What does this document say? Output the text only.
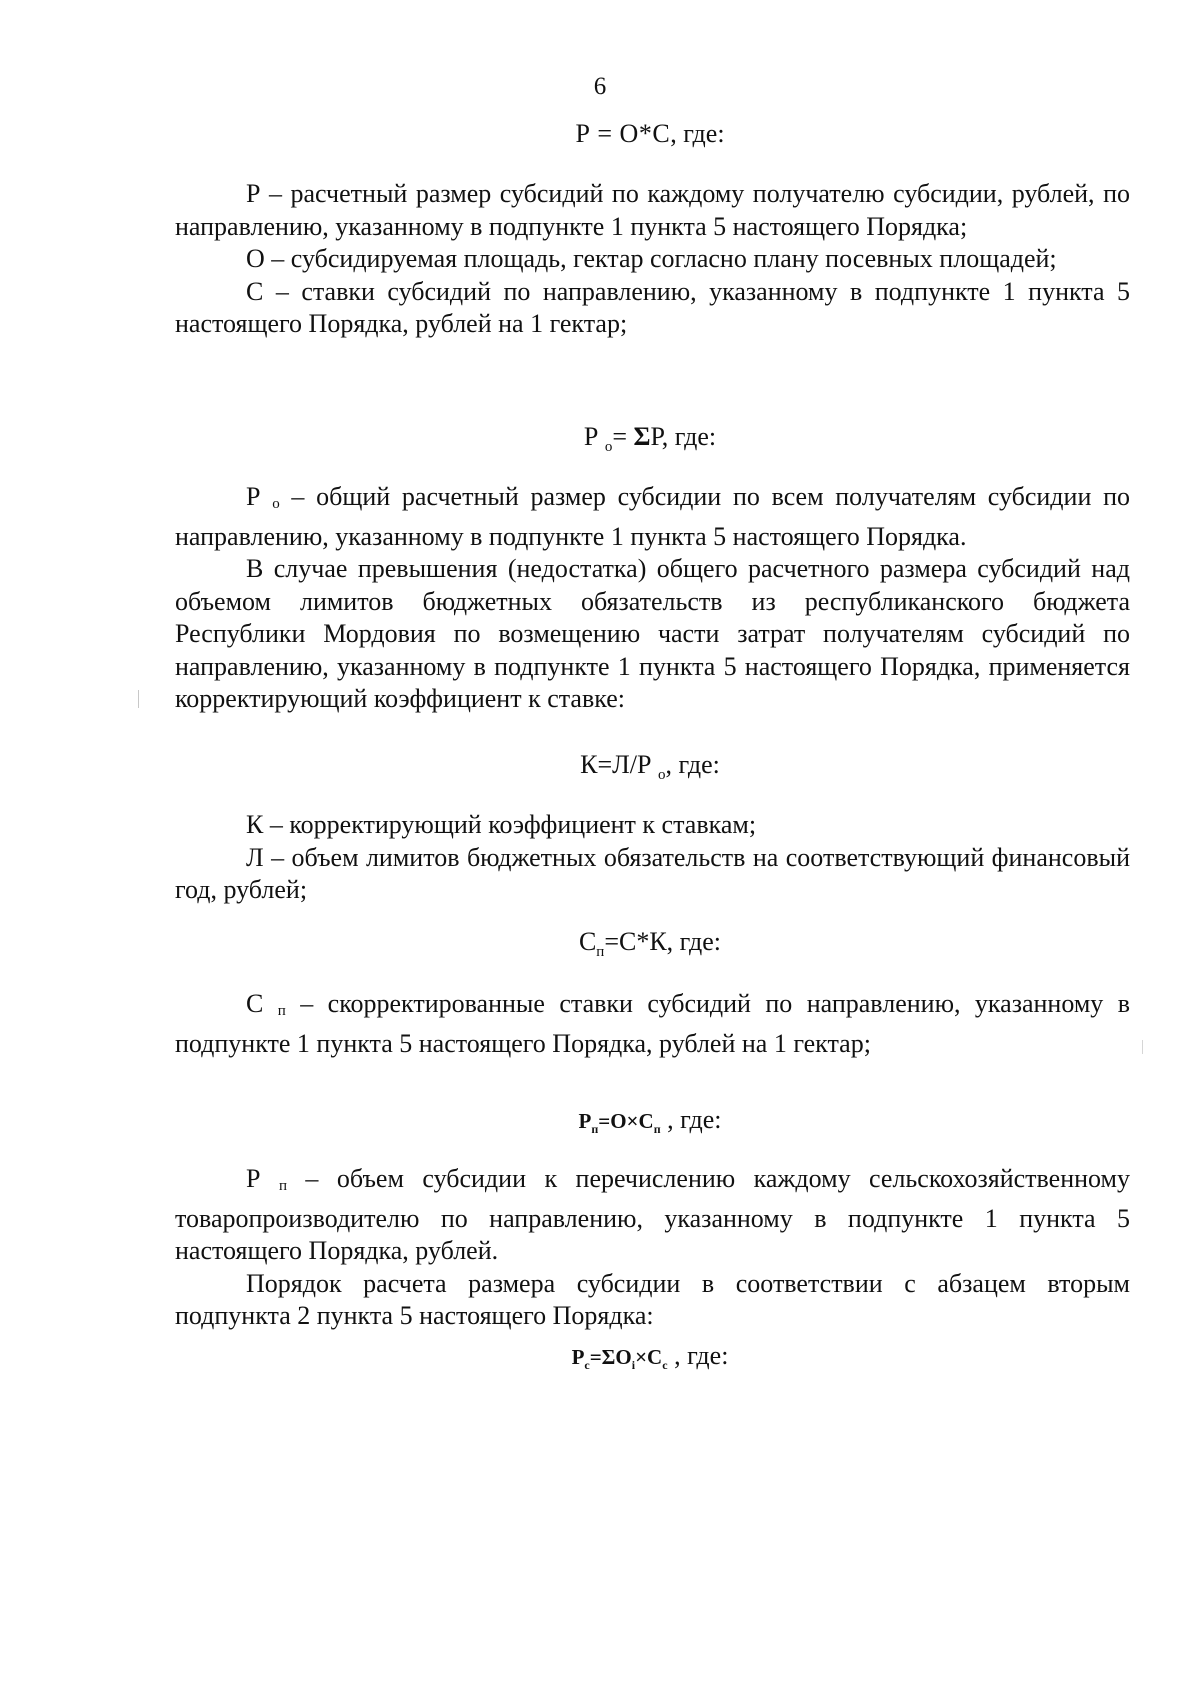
6
Р = О*С, где:

Р – расчетный размер субсидий по каждому получателю субсидии, рублей, по направлению, указанному в подпункте 1 пункта 5 настоящего Порядка;

О – субсидируемая площадь, гектар согласно плану посевных площадей;

С – ставки субсидий по направлению, указанному в подпункте 1 пункта 5 настоящего Порядка, рублей на 1 гектар;

Р $_о$= ΣР, где:

Р $_о$ – общий расчетный размер субсидии по всем получателям субсидии по направлению, указанному в подпункте 1 пункта 5 настоящего Порядка.

В случае превышения (недостатка) общего расчетного размера субсидий над объемом лимитов бюджетных обязательств из республиканского бюджета Республики Мордовия по возмещению части затрат получателям субсидий по направлению, указанному в подпункте 1 пункта 5 настоящего Порядка, применяется корректирующий коэффициент к ставке:

К=Л/Р $_о$, где:

К – корректирующий коэффициент к ставкам;

Л – объем лимитов бюджетных обязательств на соответствующий финансовый год, рублей;

$С_п=С*К$, где:

С $_п$ – скорректированные ставки субсидий по направлению, указанному в подпункте 1 пункта 5 настоящего Порядка, рублей на 1 гектар;

$Р_п=О\times С_п$ , где:

Р $_п$ – объем субсидии к перечислению каждому сельскохозяйственному товаропроизводителю по направлению, указанному в подпункте 1 пункта 5 настоящего Порядка, рублей.

Порядок расчета размера субсидии в соответствии с абзацем вторым подпункта 2 пункта 5 настоящего Порядка:

$Р_с=\Sigma О_i\times С_с$ , где:
